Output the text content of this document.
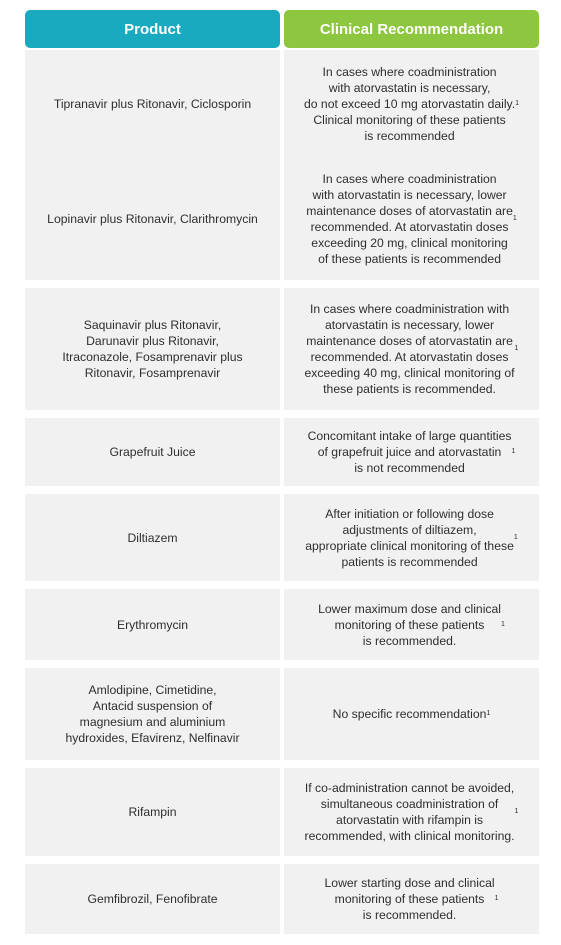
Product	Clinical Recommendation
Tipranavir plus Ritonavir, Ciclosporin
In cases where coadministration
with atorvastatin is necessary,
do not exceed 10 mg atorvastatin daily.
Clinical monitoring of these patients
is recommended
1
Lopinavir plus Ritonavir, Clarithromycin
In cases where coadministration
with atorvastatin is necessary, lower
maintenance doses of atorvastatin are
recommended. At atorvastatin doses
exceeding 20 mg, clinical monitoring
of these patients is recommended
1
Saquinavir plus Ritonavir,
Darunavir plus Ritonavir,
Itraconazole, Fosamprenavir plus
Ritonavir, Fosamprenavir
In cases where coadministration with
atorvastatin is necessary, lower
maintenance doses of atorvastatin are
recommended. At atorvastatin doses
exceeding 40 mg, clinical monitoring of
these patients is recommended.
1
Grapefruit Juice
Concomitant intake of large quantities
of grapefruit juice and atorvastatin
is not recommended
1
Diltiazem
After initiation or following dose
adjustments of diltiazem,
appropriate clinical monitoring of these
patients is recommended
1
Erythromycin
Lower maximum dose and clinical
monitoring of these patients
is recommended.
1
Amlodipine, Cimetidine,
Antacid suspension of
magnesium and aluminium
hydroxides, Efavirenz, Nelfinavir
No specific recommendation 1
Rifampin
If co-administration cannot be avoided,
simultaneous coadministration of
atorvastatin with rifampin is
recommended, with clinical monitoring.
1
Gemfibrozil, Fenofibrate
Lower starting dose and clinical
monitoring of these patients
is recommended.
1
